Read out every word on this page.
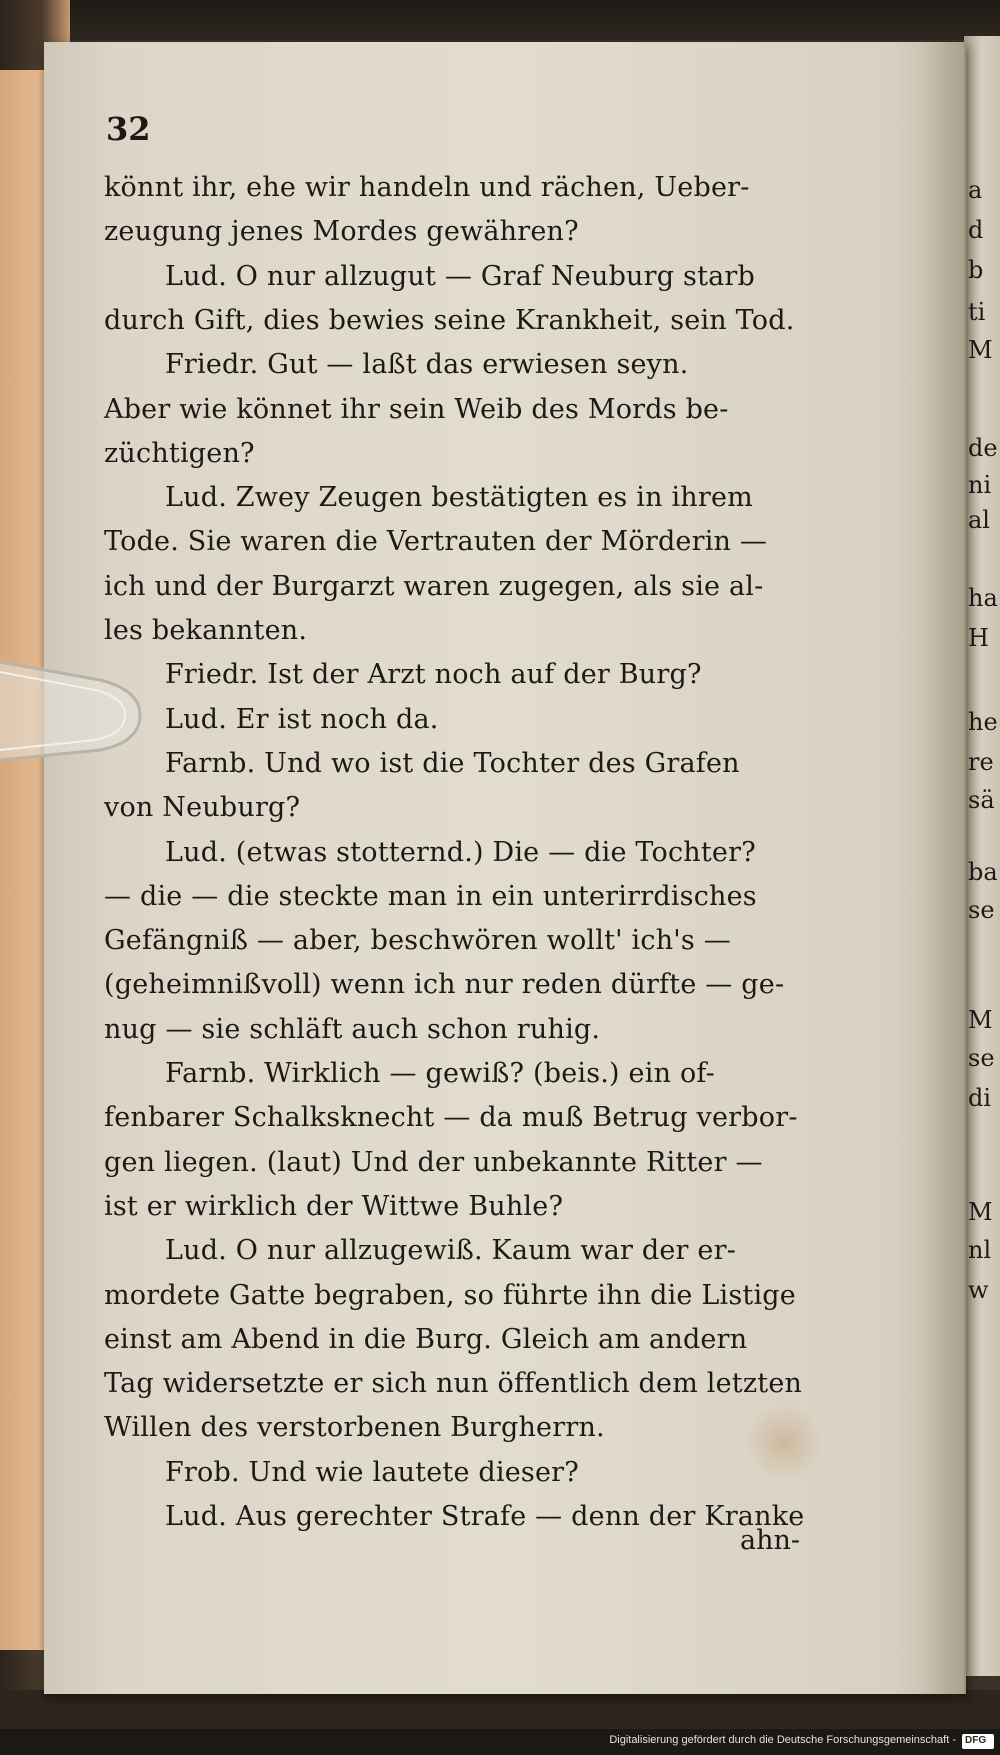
a
d
b
ti
M
de
ni
al
ha
H
he
re
sä
ba
se
M
se
di
M
nl
w
32
könnt ihr, ehe wir handeln und rächen, Ueber-
zeugung jenes Mordes gewähren?
Lud. O nur allzugut — Graf Neuburg starb
durch Gift, dies bewies seine Krankheit, sein Tod.
Friedr. Gut — laßt das erwiesen seyn.
Aber wie könnet ihr sein Weib des Mords be-
züchtigen?
Lud. Zwey Zeugen bestätigten es in ihrem
Tode. Sie waren die Vertrauten der Mörderin —
ich und der Burgarzt waren zugegen, als sie al-
les bekannten.
Friedr. Ist der Arzt noch auf der Burg?
Lud. Er ist noch da.
Farnb. Und wo ist die Tochter des Grafen
von Neuburg?
Lud. (etwas stotternd.) Die — die Tochter?
— die — die steckte man in ein unterirrdisches
Gefängniß — aber, beschwören wollt' ich's —
(geheimnißvoll) wenn ich nur reden dürfte — ge-
nug — sie schläft auch schon ruhig.
Farnb. Wirklich — gewiß? (beis.) ein of-
fenbarer Schalksknecht — da muß Betrug verbor-
gen liegen. (laut) Und der unbekannte Ritter —
ist er wirklich der Wittwe Buhle?
Lud. O nur allzugewiß. Kaum war der er-
mordete Gatte begraben, so führte ihn die Listige
einst am Abend in die Burg. Gleich am andern
Tag widersetzte er sich nun öffentlich dem letzten
Willen des verstorbenen Burgherrn.
Frob. Und wie lautete dieser?
Lud. Aus gerechter Strafe — denn der Kranke
ahn-
Digitalisierung gefördert durch die Deutsche Forschungsgemeinschaft - DFG
